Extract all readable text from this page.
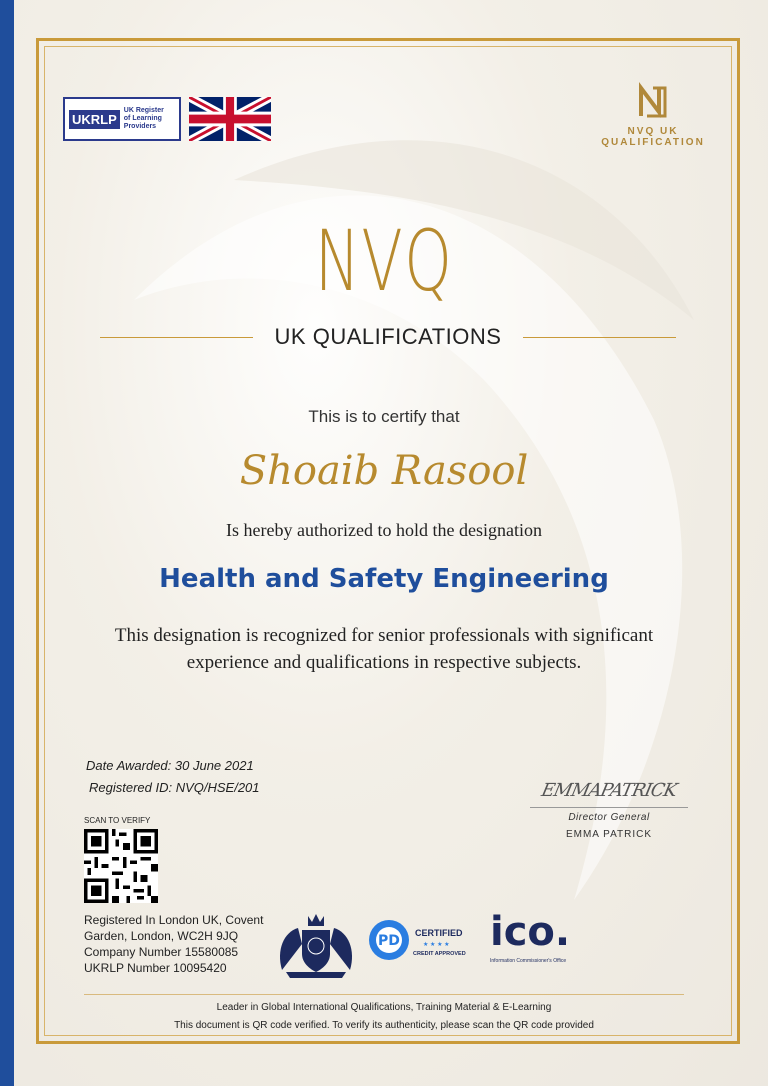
UKRLP
UK Register
of Learning
Providers	NVQ UK QUALIFICATION
NVQ
UK QUALIFICATIONS
This is to certify that
Shoaib Rasool
Is hereby authorized to hold the designation
Health and Safety Engineering
This designation is recognized for senior professionals with significant
experience and qualifications in respective subjects.
Date Awarded: 30 June 2021
Registered ID: NVQ/HSE/201	EMMAPATRICK
Director General
EMMA PATRICK
SCAN TO VERIFY
Registered In London UK, Covent
Garden, London, WC2H 9JQ
Company Number 15580085
UKRLP Number 10095420
PD CERTIFIED
★ ★ ★ ★
CREDIT APPROVED ico.
Information Commissioner's Office
Leader in Global International Qualifications, Training Material & E-Learning
This document is QR code verified. To verify its authenticity, please scan the QR code provided
